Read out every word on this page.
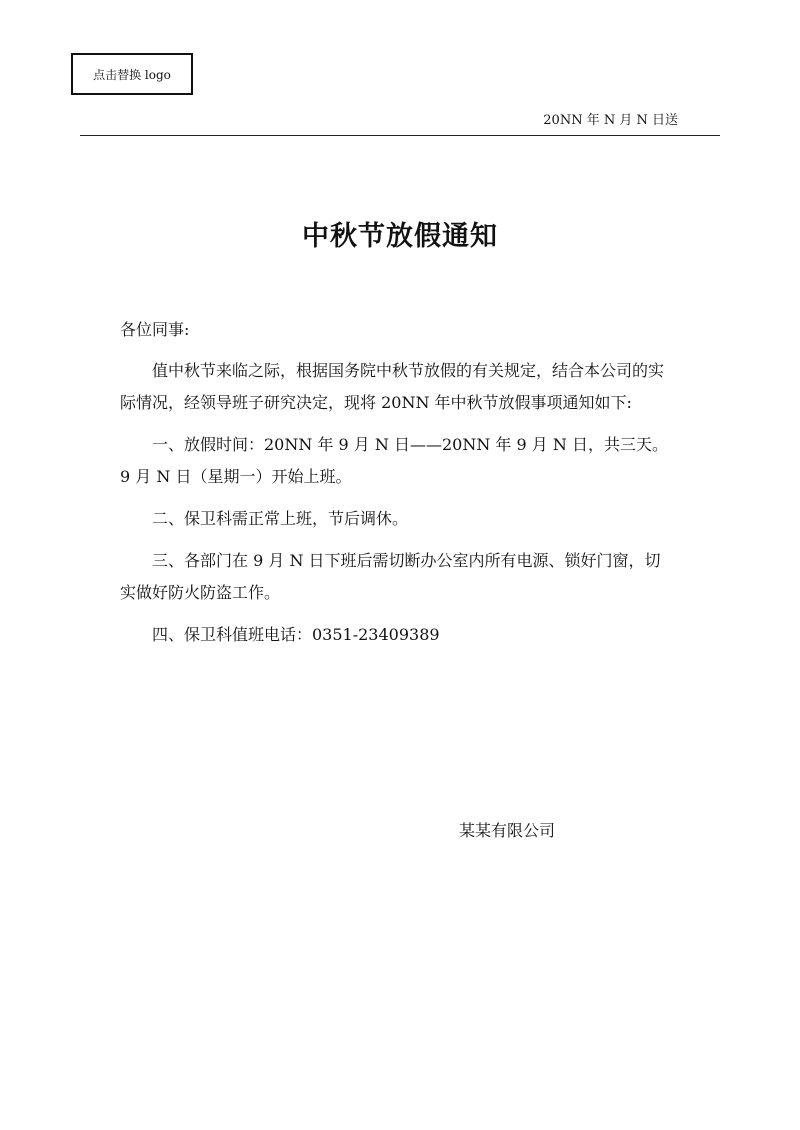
点击替换 logo
20NN 年 N 月 N 日送
中秋节放假通知

各位同事:

值中秋节来临之际，根据国务院中秋节放假的有关规定，结合本公司的实际情况，经领导班子研究决定，现将 20NN 年中秋节放假事项通知如下:

一、放假时间：20NN 年 9 月 N 日——20NN 年 9 月 N 日，共三天。9 月 N 日（星期一）开始上班。

二、保卫科需正常上班，节后调休。

三、各部门在 9 月 N 日下班后需切断办公室内所有电源、锁好门窗，切实做好防火防盗工作。

四、保卫科值班电话：0351-23409389

某某有限公司
